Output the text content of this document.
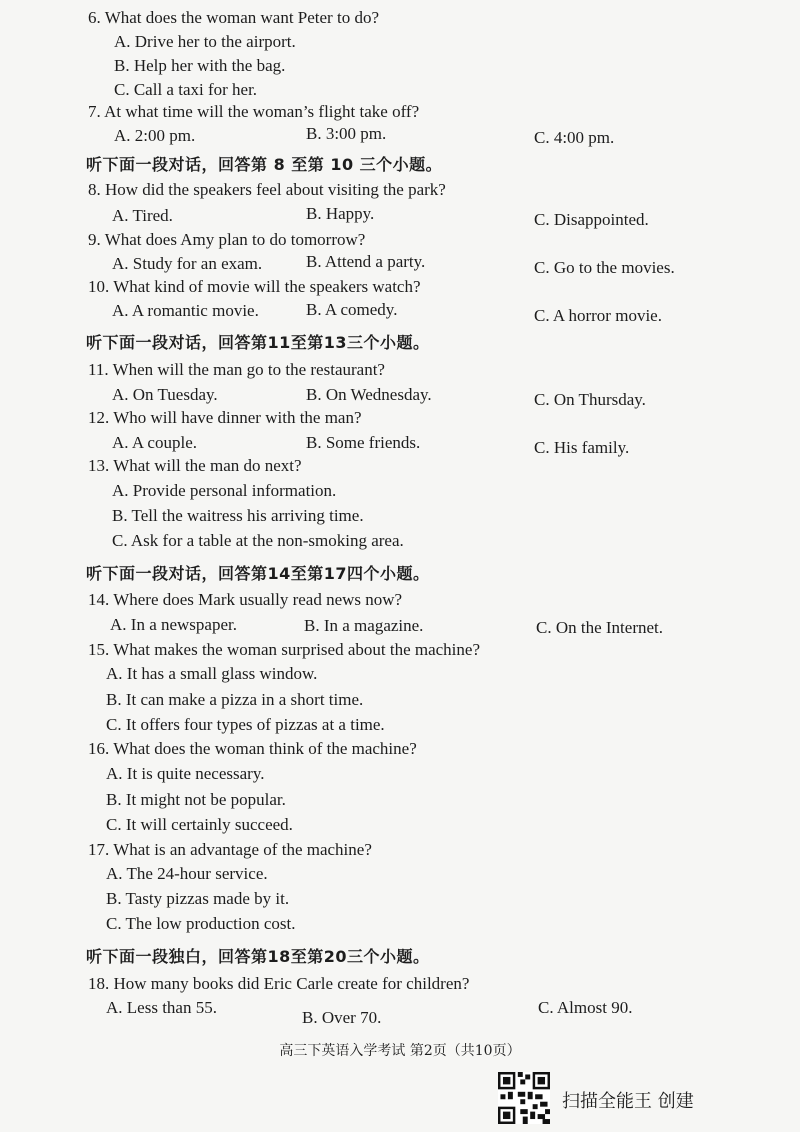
6. What does the woman want Peter to do?
A. Drive her to the airport.
B. Help her with the bag.
C. Call a taxi for her.
7. At what time will the woman’s flight take off?
A. 2:00 pm.	B. 3:00 pm.	C. 4:00 pm.
听下面一段对话，回答第 8 至第 10 三个小题。
8. How did the speakers feel about visiting the park?
A. Tired.	B. Happy.	C. Disappointed.
9. What does Amy plan to do tomorrow?
A. Study for an exam.	B. Attend a party.	C. Go to the movies.
10. What kind of movie will the speakers watch?
A. A romantic movie.	B. A comedy.	C. A horror movie.
听下面一段对话，回答第11至第13三个小题。
11. When will the man go to the restaurant?
A. On Tuesday.	B. On Wednesday.	C. On Thursday.
12. Who will have dinner with the man?
A. A couple.	B. Some friends.	C. His family.
13. What will the man do next?
A. Provide personal information.
B. Tell the waitress his arriving time.
C. Ask for a table at the non-smoking area.
听下面一段对话，回答第14至第17四个小题。
14. Where does Mark usually read news now?
A. In a newspaper.	B. In a magazine.	C. On the Internet.
15. What makes the woman surprised about the machine?
A. It has a small glass window.
B. It can make a pizza in a short time.
C. It offers four types of pizzas at a time.
16. What does the woman think of the machine?
A. It is quite necessary.
B. It might not be popular.
C. It will certainly succeed.
17. What is an advantage of the machine?
A. The 24-hour service.
B. Tasty pizzas made by it.
C. The low production cost.
听下面一段独白，回答第18至第20三个小题。
18. How many books did Eric Carle create for children?
A. Less than 55.
B. Over 70.
C. Almost 90.
高三下英语入学考试 第2页（共10页）
扫描全能王 创建
